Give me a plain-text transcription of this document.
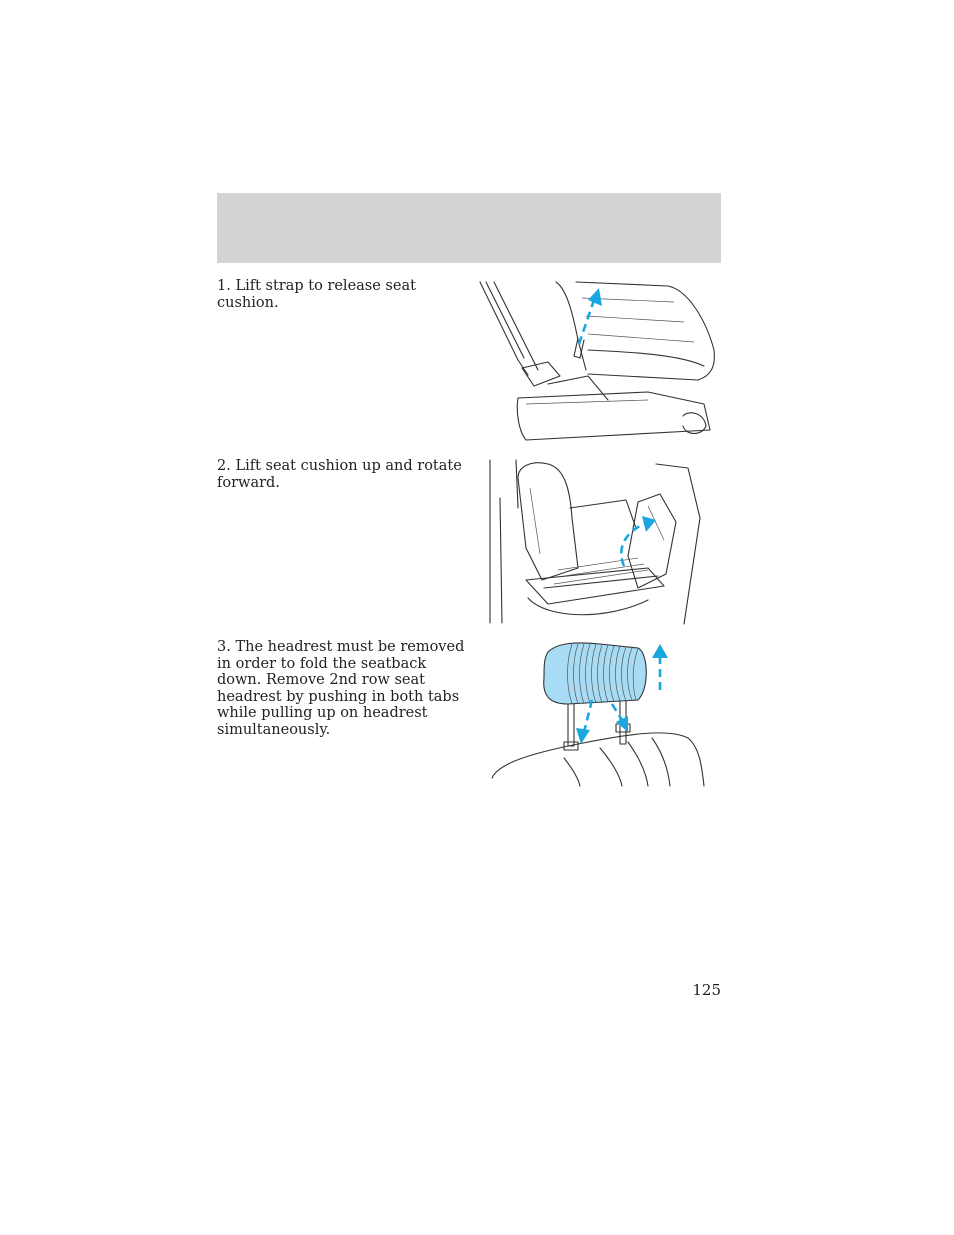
1. Lift strap to release seat cushion.
2. Lift seat cushion up and rotate forward.
3. The headrest must be removed in order to fold the seatback down. Remove 2nd row seat headrest by pushing in both tabs while pulling up on headrest simultaneously.
125
